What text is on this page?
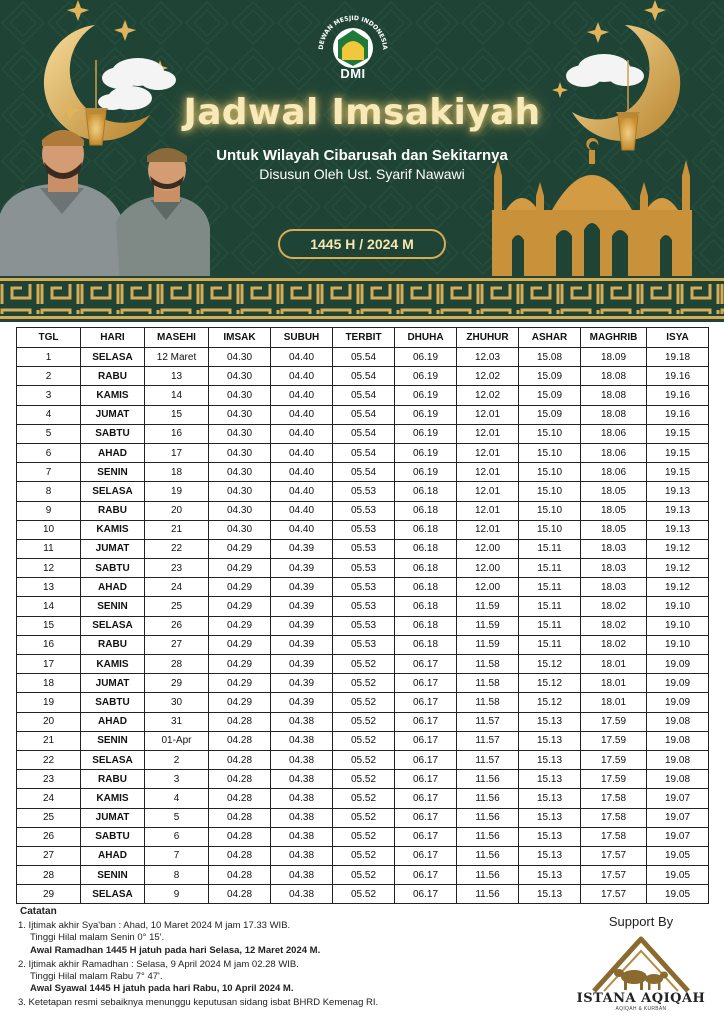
DEWAN MESJID INDONESIA
DMI
Jadwal Imsakiyah
Untuk Wilayah Cibarusah dan Sekitarnya
Disusun Oleh Ust. Syarif Nawawi
1445 H / 2024 M
TGL	HARI	MASEHI	IMSAK	SUBUH	TERBIT	DHUHA	ZHUHUR	ASHAR	MAGHRIB	ISYA
1	SELASA	12 Maret	04.30	04.40	05.54	06.19	12.03	15.08	18.09	19.18
2	RABU	13	04.30	04.40	05.54	06.19	12.02	15.09	18.08	19.16
3	KAMIS	14	04.30	04.40	05.54	06.19	12.02	15.09	18.08	19.16
4	JUMAT	15	04.30	04.40	05.54	06.19	12.01	15.09	18.08	19.16
5	SABTU	16	04.30	04.40	05.54	06.19	12.01	15.10	18.06	19.15
6	AHAD	17	04.30	04.40	05.54	06.19	12.01	15.10	18.06	19.15
7	SENIN	18	04.30	04.40	05.54	06.19	12.01	15.10	18.06	19.15
8	SELASA	19	04.30	04.40	05.53	06.18	12.01	15.10	18.05	19.13
9	RABU	20	04.30	04.40	05.53	06.18	12.01	15.10	18.05	19.13
10	KAMIS	21	04.30	04.40	05.53	06.18	12.01	15.10	18.05	19.13
11	JUMAT	22	04.29	04.39	05.53	06.18	12.00	15.11	18.03	19.12
12	SABTU	23	04.29	04.39	05.53	06.18	12.00	15.11	18.03	19.12
13	AHAD	24	04.29	04.39	05.53	06.18	12.00	15.11	18.03	19.12
14	SENIN	25	04.29	04.39	05.53	06.18	11.59	15.11	18.02	19.10
15	SELASA	26	04.29	04.39	05.53	06.18	11.59	15.11	18.02	19.10
16	RABU	27	04.29	04.39	05.53	06.18	11.59	15.11	18.02	19.10
17	KAMIS	28	04.29	04.39	05.52	06.17	11.58	15.12	18.01	19.09
18	JUMAT	29	04.29	04.39	05.52	06.17	11.58	15.12	18.01	19.09
19	SABTU	30	04.29	04.39	05.52	06.17	11.58	15.12	18.01	19.09
20	AHAD	31	04.28	04.38	05.52	06.17	11.57	15.13	17.59	19.08
21	SENIN	01-Apr	04.28	04.38	05.52	06.17	11.57	15.13	17.59	19.08
22	SELASA	2	04.28	04.38	05.52	06.17	11.57	15.13	17.59	19.08
23	RABU	3	04.28	04.38	05.52	06.17	11.56	15.13	17.59	19.08
24	KAMIS	4	04.28	04.38	05.52	06.17	11.56	15.13	17.58	19.07
25	JUMAT	5	04.28	04.38	05.52	06.17	11.56	15.13	17.58	19.07
26	SABTU	6	04.28	04.38	05.52	06.17	11.56	15.13	17.58	19.07
27	AHAD	7	04.28	04.38	05.52	06.17	11.56	15.13	17.57	19.05
28	SENIN	8	04.28	04.38	05.52	06.17	11.56	15.13	17.57	19.05
29	SELASA	9	04.28	04.38	05.52	06.17	11.56	15.13	17.57	19.05
Catatan
1. Ijtimak akhir Sya'ban : Ahad, 10 Maret 2024 M jam 17.33 WIB.
Tinggi Hilal malam Senin 0° 15'.
Awal Ramadhan 1445 H jatuh pada hari Selasa, 12 Maret 2024 M.
2. Ijtimak akhir Ramadhan : Selasa, 9 April 2024 M jam 02.28 WIB.
Tinggi Hilal malam Rabu 7° 47'.
Awal Syawal 1445 H jatuh pada hari Rabu, 10 April 2024 M.
3. Ketetapan resmi sebaiknya menunggu keputusan sidang isbat BHRD Kemenag RI.
Support By
ISTANA AQIQAH
AQIQAH & KURBAN
